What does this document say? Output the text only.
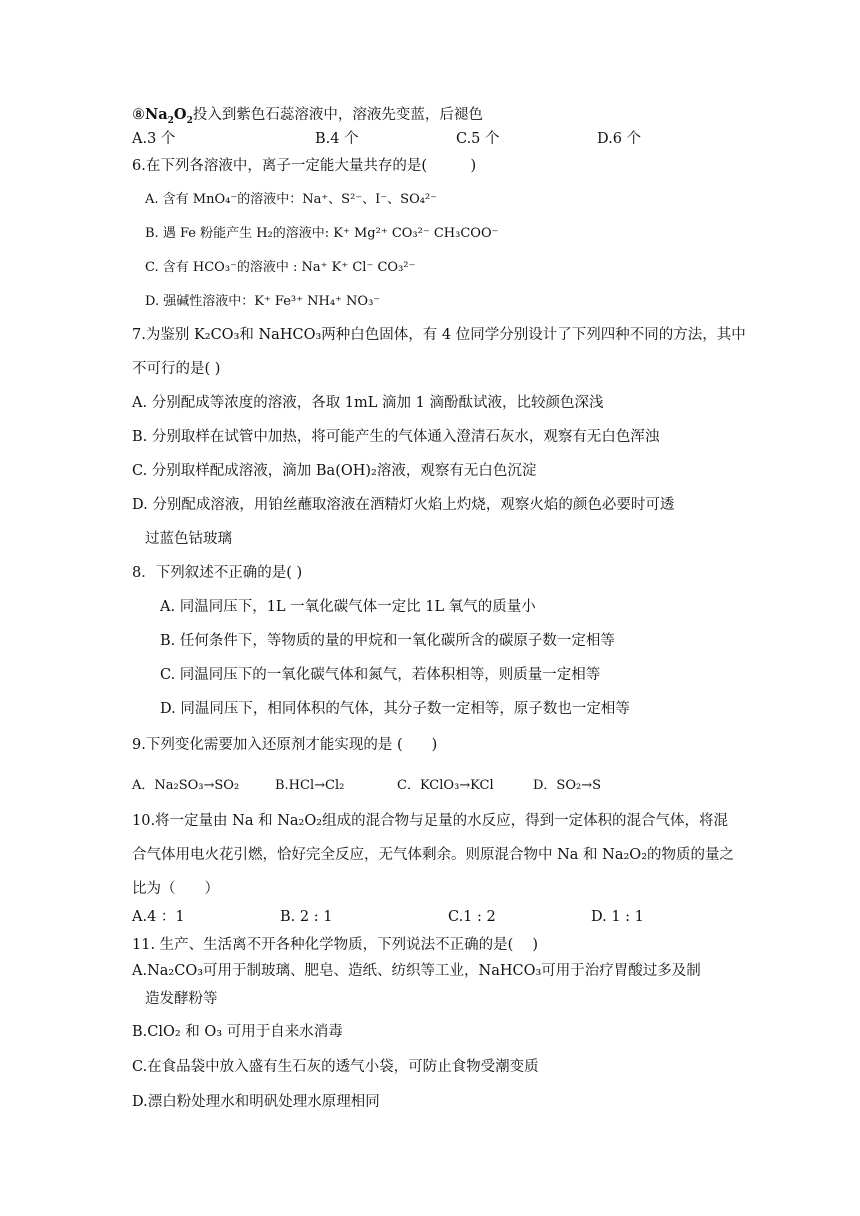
$⑧Na_2O_2$投入到紫色石蕊溶液中，溶液先变蓝，后褪色
A.3 个	B.4 个	C.5 个	D.6 个
6.在下列各溶液中，离子一定能大量共存的是(　　　)
A. 含有 MnO₄⁻的溶液中：Na⁺、S²⁻、I⁻、SO₄²⁻
B. 遇 Fe 粉能产生 H₂的溶液中: K⁺ Mg²⁺ CO₃²⁻ CH₃COO⁻
C. 含有 HCO₃⁻的溶液中 : Na⁺ K⁺ Cl⁻ CO₃²⁻
D. 强碱性溶液中：K⁺ Fe³⁺ NH₄⁺ NO₃⁻
7.为鉴别 K₂CO₃和 NaHCO₃两种白色固体，有 4 位同学分别设计了下列四种不同的方法，其中
不可行的是( )
A. 分别配成等浓度的溶液，各取 1mL 滴加 1 滴酚酞试液，比较颜色深浅
B. 分别取样在试管中加热，将可能产生的气体通入澄清石灰水，观察有无白色浑浊
C. 分别取样配成溶液，滴加 Ba(OH)₂溶液，观察有无白色沉淀
D. 分别配成溶液，用铂丝蘸取溶液在酒精灯火焰上灼烧，观察火焰的颜色必要时可透
过蓝色钴玻璃
8．下列叙述不正确的是( )
A. 同温同压下，1L 一氧化碳气体一定比 1L 氧气的质量小
B. 任何条件下，等物质的量的甲烷和一氧化碳所含的碳原子数一定相等
C. 同温同压下的一氧化碳气体和氮气，若体积相等，则质量一定相等
D. 同温同压下，相同体积的气体，其分子数一定相等，原子数也一定相等
9.下列变化需要加入还原剂才能实现的是 (　　)
A．Na₂SO₃→SO₂	B.HCl→Cl₂	C．KClO₃→KCl	D．SO₂→S
10.将一定量由 Na 和 Na₂O₂组成的混合物与足量的水反应，得到一定体积的混合气体，将混
合气体用电火花引燃，恰好完全反应，无气体剩余。则原混合物中 Na 和 Na₂O₂的物质的量之
比为（　　）
A.4 ：1	B. 2 : 1	C.1 : 2	D. 1 : 1
11. 生产、生活离不开各种化学物质，下列说法不正确的是(　 )
A.Na₂CO₃可用于制玻璃、肥皂、造纸、纺织等工业，NaHCO₃可用于治疗胃酸过多及制
造发酵粉等
B.ClO₂ 和 O₃ 可用于自来水消毒
C.在食品袋中放入盛有生石灰的透气小袋，可防止食物受潮变质
D.漂白粉处理水和明矾处理水原理相同
